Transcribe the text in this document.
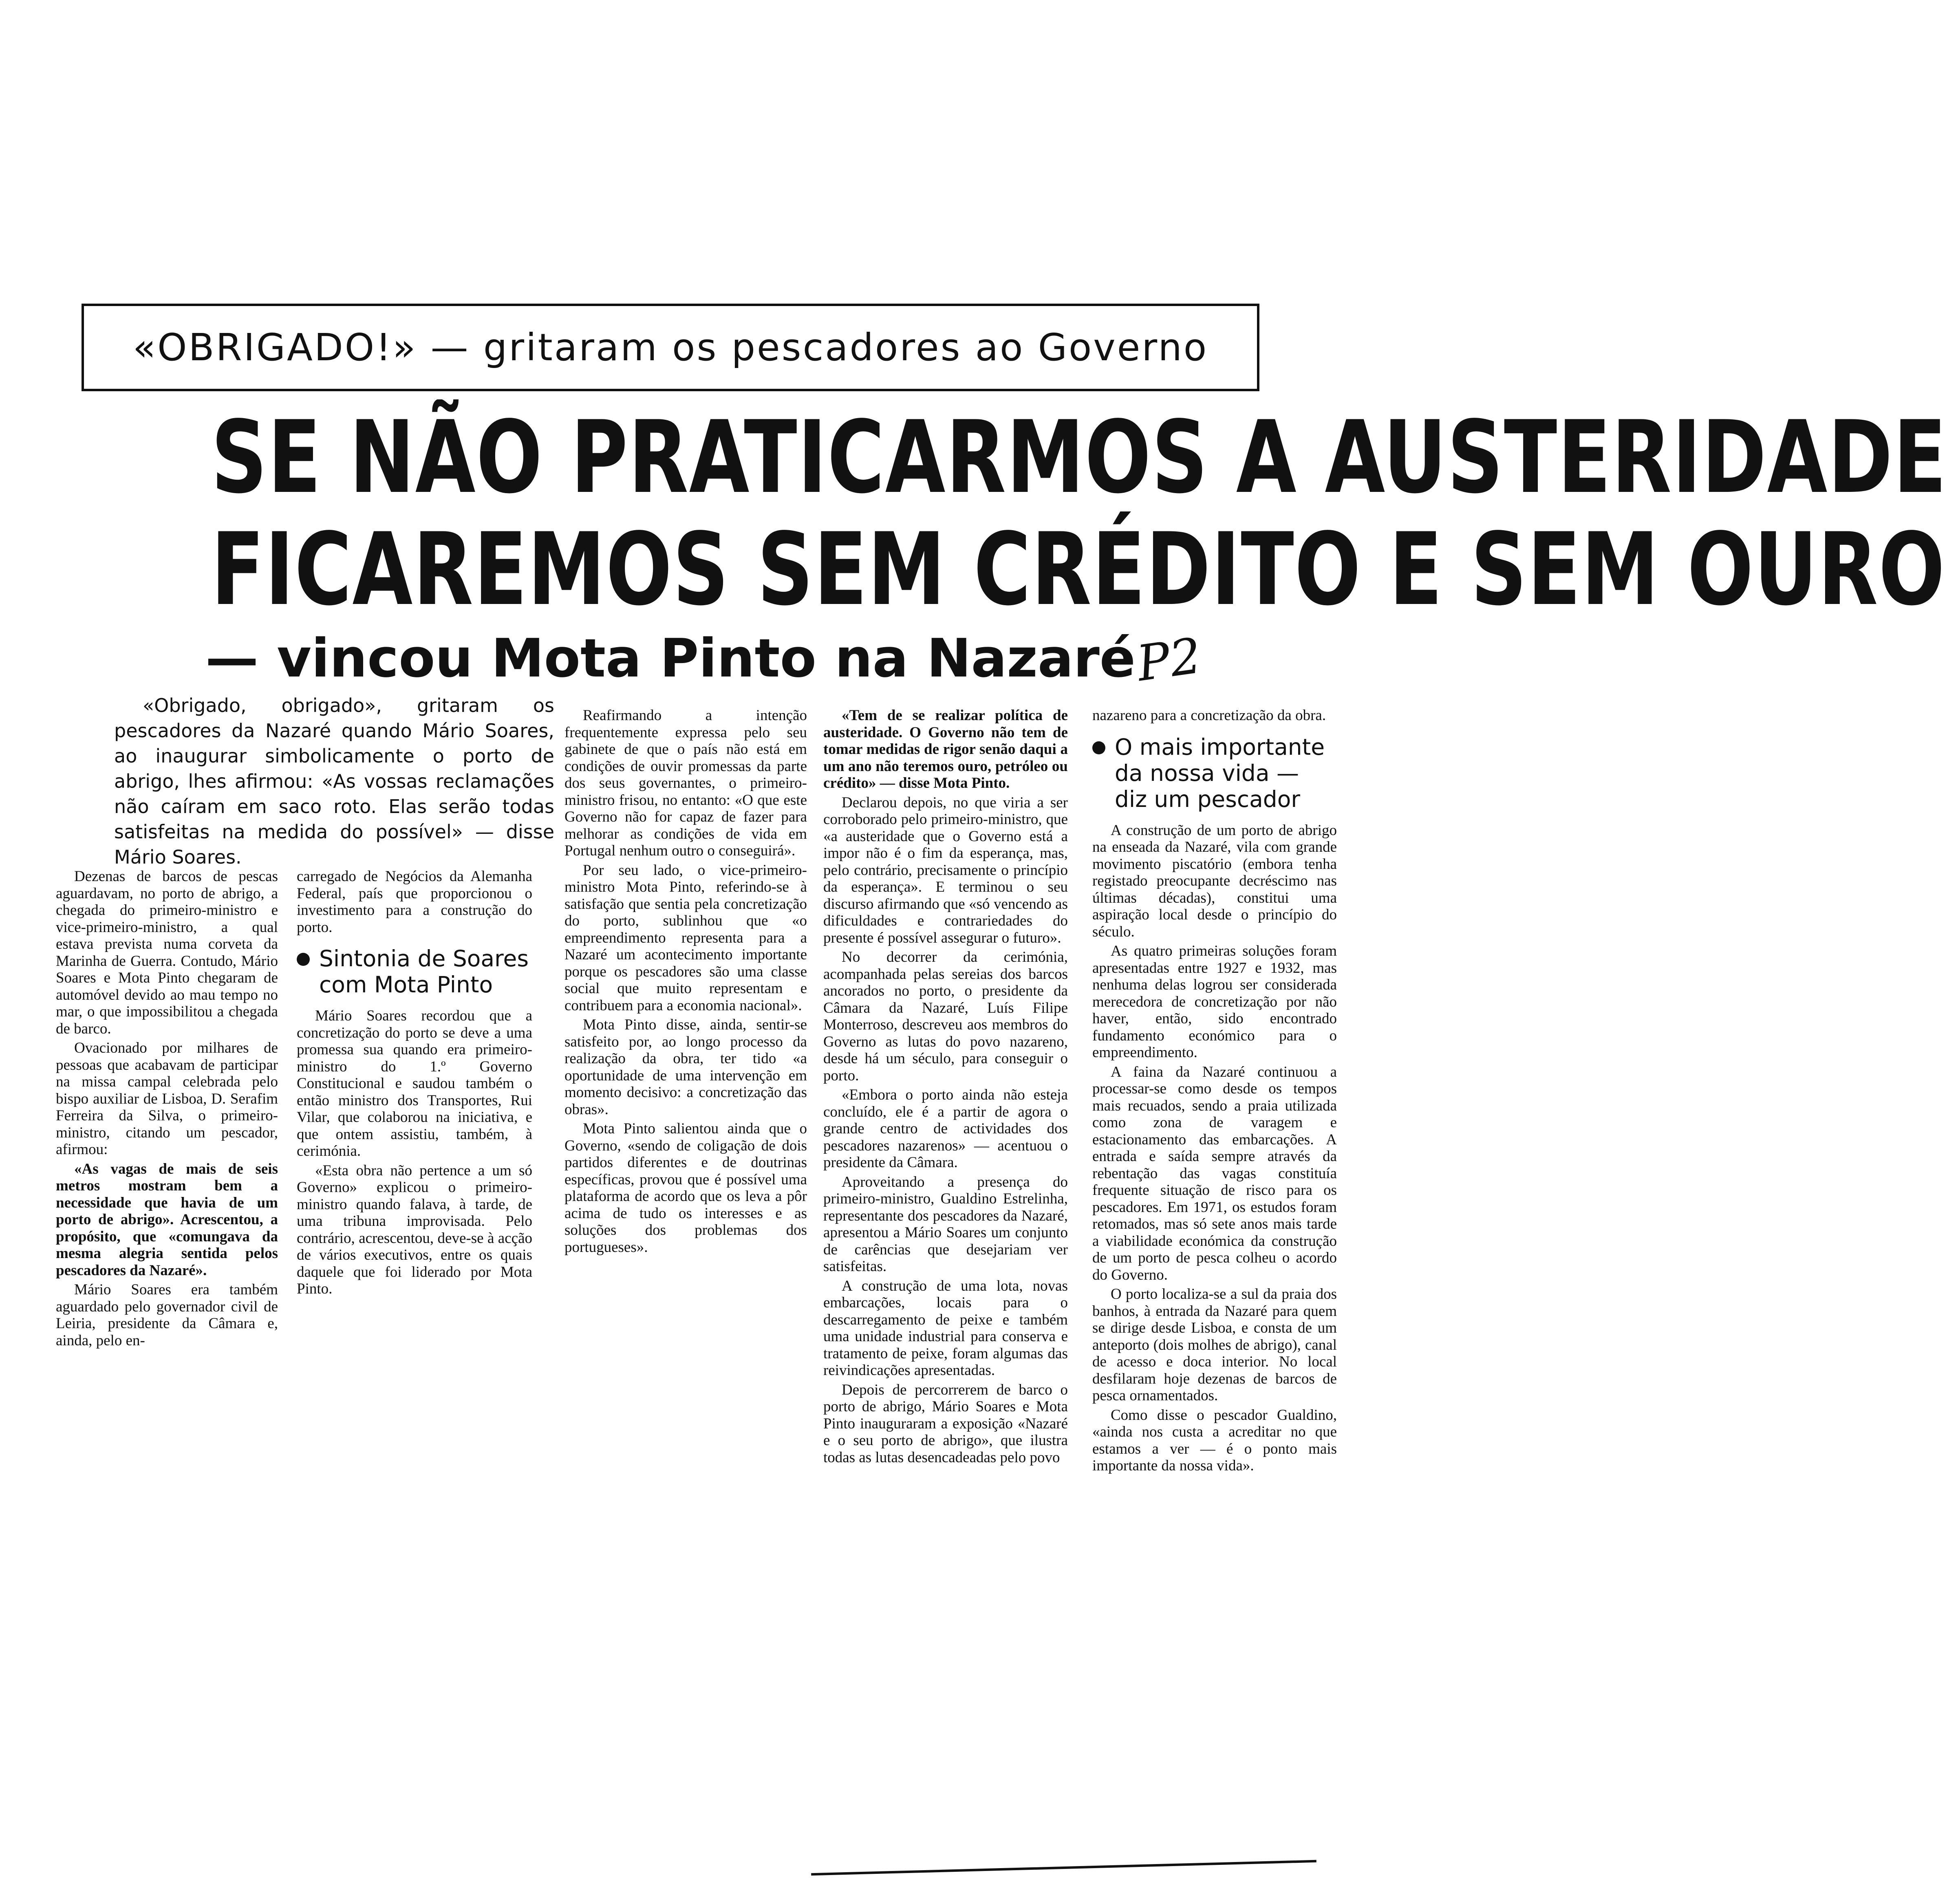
«OBRIGADO!» — gritaram os pescadores ao Governo
SE NÃO PRATICARMOS A AUSTERIDADE
FICAREMOS SEM CRÉDITO E SEM OURO
— vincou Mota Pinto na Nazaré
P2
«Obrigado, obrigado», gritaram os pescadores da Nazaré quando Mário Soares, ao inaugurar simbolicamente o porto de abrigo, lhes afirmou: «As vossas reclamações não caíram em saco roto. Elas serão todas satisfeitas na medida do possível» — disse Mário Soares.

Dezenas de barcos de pescas aguardavam, no porto de abrigo, a chegada do primeiro-ministro e vice-primeiro-ministro, a qual estava prevista numa corveta da Marinha de Guerra. Contudo, Mário Soares e Mota Pinto chegaram de automóvel devido ao mau tempo no mar, o que impossibilitou a chegada de barco.

Ovacionado por milhares de pessoas que acabavam de participar na missa campal celebrada pelo bispo auxiliar de Lisboa, D. Serafim Ferreira da Silva, o primeiro-ministro, citando um pescador, afirmou:

«As vagas de mais de seis metros mostram bem a necessidade que havia de um porto de abrigo». Acrescentou, a propósito, que «comungava da mesma alegria sentida pelos pescadores da Nazaré».

Mário Soares era também aguardado pelo governador civil de Leiria, presidente da Câmara e, ainda, pelo en-

carregado de Negócios da Alemanha Federal, país que proporcionou o investimento para a construção do porto.

Sintonia de Soares com Mota Pinto

Mário Soares recordou que a concretização do porto se deve a uma promessa sua quando era primeiro-ministro do 1.º Governo Constitucional e saudou também o então ministro dos Transportes, Rui Vilar, que colaborou na iniciativa, e que ontem assistiu, também, à cerimónia.

«Esta obra não pertence a um só Governo» explicou o primeiro-ministro quando falava, à tarde, de uma tribuna improvisada. Pelo contrário, acrescentou, deve-se à acção de vários executivos, entre os quais daquele que foi liderado por Mota Pinto.

Reafirmando a intenção frequentemente expressa pelo seu gabinete de que o país não está em condições de ouvir promessas da parte dos seus governantes, o primeiro-ministro frisou, no entanto: «O que este Governo não for capaz de fazer para melhorar as condições de vida em Portugal nenhum outro o conseguirá».

Por seu lado, o vice-primeiro-ministro Mota Pinto, referindo-se à satisfação que sentia pela concretização do porto, sublinhou que «o empreendimento representa para a Nazaré um acontecimento importante porque os pescadores são uma classe social que muito representam e contribuem para a economia nacional».

Mota Pinto disse, ainda, sentir-se satisfeito por, ao longo processo da realização da obra, ter tido «a oportunidade de uma intervenção em momento decisivo: a concretização das obras».

Mota Pinto salientou ainda que o Governo, «sendo de coligação de dois partidos diferentes e de doutrinas específicas, provou que é possível uma plataforma de acordo que os leva a pôr acima de tudo os interesses e as soluções dos problemas dos portugueses».

«Tem de se realizar política de austeridade. O Governo não tem de tomar medidas de rigor senão daqui a um ano não teremos ouro, petróleo ou crédito» — disse Mota Pinto.

Declarou depois, no que viria a ser corroborado pelo primeiro-ministro, que «a austeridade que o Governo está a impor não é o fim da esperança, mas, pelo contrário, precisamente o princípio da esperança». E terminou o seu discurso afirmando que «só vencendo as dificuldades e contrariedades do presente é possível assegurar o futuro».

No decorrer da cerimónia, acompanhada pelas sereias dos barcos ancorados no porto, o presidente da Câmara da Nazaré, Luís Filipe Monterroso, descreveu aos membros do Governo as lutas do povo nazareno, desde há um século, para conseguir o porto.

«Embora o porto ainda não esteja concluído, ele é a partir de agora o grande centro de actividades dos pescadores nazarenos» — acentuou o presidente da Câmara.

Aproveitando a presença do primeiro-ministro, Gualdino Estrelinha, representante dos pescadores da Nazaré, apresentou a Mário Soares um conjunto de carências que desejariam ver satisfeitas.

A construção de uma lota, novas embarcações, locais para o descarregamento de peixe e também uma unidade industrial para conserva e tratamento de peixe, foram algumas das reivindicações apresentadas.

Depois de percorrerem de barco o porto de abrigo, Mário Soares e Mota Pinto inauguraram a exposição «Nazaré e o seu porto de abrigo», que ilustra todas as lutas desencadeadas pelo povo

nazareno para a concretização da obra.

O mais importante da nossa vida — diz um pescador

A construção de um porto de abrigo na enseada da Nazaré, vila com grande movimento piscatório (embora tenha registado preocupante decréscimo nas últimas décadas), constitui uma aspiração local desde o princípio do século.

As quatro primeiras soluções foram apresentadas entre 1927 e 1932, mas nenhuma delas logrou ser considerada merecedora de concretização por não haver, então, sido encontrado fundamento económico para o empreendimento.

A faina da Nazaré continuou a processar-se como desde os tempos mais recuados, sendo a praia utilizada como zona de varagem e estacionamento das embarcações. A entrada e saída sempre através da rebentação das vagas constituía frequente situação de risco para os pescadores. Em 1971, os estudos foram retomados, mas só sete anos mais tarde a viabilidade económica da construção de um porto de pesca colheu o acordo do Governo.

O porto localiza-se a sul da praia dos banhos, à entrada da Nazaré para quem se dirige desde Lisboa, e consta de um anteporto (dois molhes de abrigo), canal de acesso e doca interior. No local desfilaram hoje dezenas de barcos de pesca ornamentados.

Como disse o pescador Gualdino, «ainda nos custa a acreditar no que estamos a ver — é o ponto mais importante da nossa vida».
